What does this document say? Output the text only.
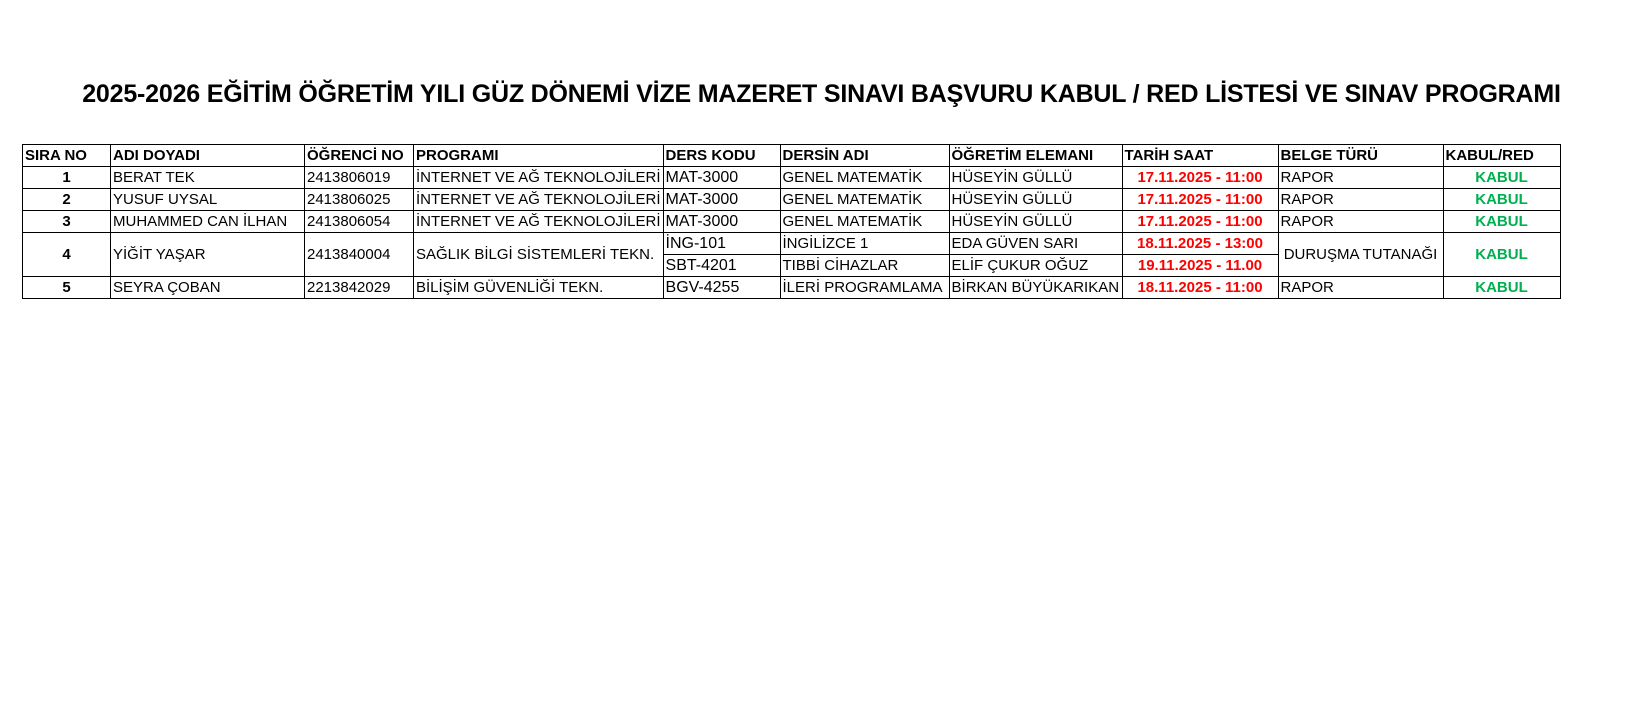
2025-2026 EĞİTİM ÖĞRETİM YILI GÜZ DÖNEMİ VİZE MAZERET SINAVI BAŞVURU KABUL / RED LİSTESİ VE SINAV PROGRAMI
SIRA NO	ADI DOYADI	ÖĞRENCİ NO	PROGRAMI	DERS KODU	DERSİN ADI	ÖĞRETİM ELEMANI	TARİH SAAT	BELGE TÜRÜ	KABUL/RED
1	BERAT TEK	2413806019	İNTERNET VE AĞ TEKNOLOJİLERİ	MAT-3000	GENEL MATEMATİK	HÜSEYİN GÜLLÜ	17.11.2025 - 11:00	RAPOR	KABUL
2	YUSUF UYSAL	2413806025	İNTERNET VE AĞ TEKNOLOJİLERİ	MAT-3000	GENEL MATEMATİK	HÜSEYİN GÜLLÜ	17.11.2025 - 11:00	RAPOR	KABUL
3	MUHAMMED CAN İLHAN	2413806054	İNTERNET VE AĞ TEKNOLOJİLERİ	MAT-3000	GENEL MATEMATİK	HÜSEYİN GÜLLÜ	17.11.2025 - 11:00	RAPOR	KABUL
4	YİĞİT YAŞAR	2413840004	SAĞLIK BİLGİ SİSTEMLERİ TEKN.	İNG-101	İNGİLİZCE 1	EDA GÜVEN SARI	18.11.2025 - 13:00	DURUŞMA TUTANAĞI	KABUL
				SBT-4201	TIBBİ CİHAZLAR	ELİF ÇUKUR OĞUZ	19.11.2025 - 11.00		
5	SEYRA ÇOBAN	2213842029	BİLİŞİM GÜVENLİĞİ TEKN.	BGV-4255	İLERİ PROGRAMLAMA	BİRKAN BÜYÜKARIKAN	18.11.2025 - 11:00	RAPOR	KABUL
